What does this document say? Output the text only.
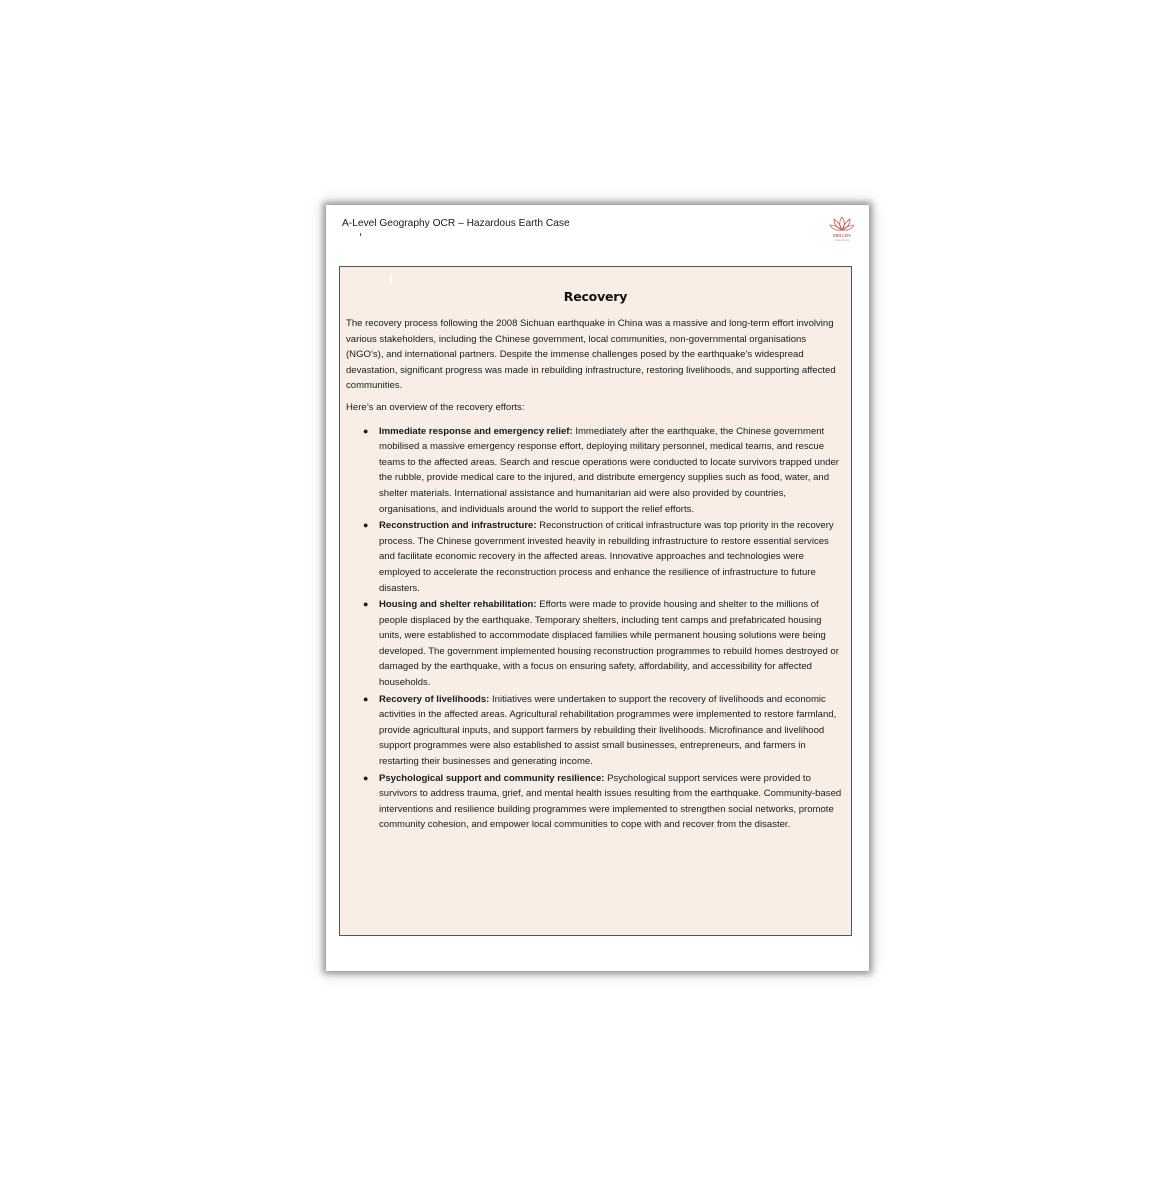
A-Level Geography OCR – Hazardous Earth Case
PHILLIPS
EDUCATION
Recovery

The recovery process following the 2008 Sichuan earthquake in China was a massive and long-term effort involving various stakeholders, including the Chinese government, local communities, non-governmental organisations (NGO’s), and international partners. Despite the immense challenges posed by the earthquake’s widespread devastation, significant progress was made in rebuilding infrastructure, restoring livelihoods, and supporting affected communities.

Here’s an overview of the recovery efforts:

● Immediate response and emergency relief: Immediately after the earthquake, the Chinese government mobilised a massive emergency response effort, deploying military personnel, medical teams, and rescue teams to the affected areas. Search and rescue operations were conducted to locate survivors trapped under the rubble, provide medical care to the injured, and distribute emergency supplies such as food, water, and shelter materials. International assistance and humanitarian aid were also provided by countries, organisations, and individuals around the world to support the relief efforts.
● Reconstruction and infrastructure: Reconstruction of critical infrastructure was top priority in the recovery process. The Chinese government invested heavily in rebuilding infrastructure to restore essential services and facilitate economic recovery in the affected areas. Innovative approaches and technologies were employed to accelerate the reconstruction process and enhance the resilience of infrastructure to future disasters.
● Housing and shelter rehabilitation: Efforts were made to provide housing and shelter to the millions of people displaced by the earthquake. Temporary shelters, including tent camps and prefabricated housing units, were established to accommodate displaced families while permanent housing solutions were being developed. The government implemented housing reconstruction programmes to rebuild homes destroyed or damaged by the earthquake, with a focus on ensuring safety, affordability, and accessibility for affected households.
● Recovery of livelihoods: Initiatives were undertaken to support the recovery of livelihoods and economic activities in the affected areas. Agricultural rehabilitation programmes were implemented to restore farmland, provide agricultural inputs, and support farmers by rebuilding their livelihoods. Microfinance and livelihood support programmes were also established to assist small businesses, entrepreneurs, and farmers in restarting their businesses and generating income.
● Psychological support and community resilience: Psychological support services were provided to survivors to address trauma, grief, and mental health issues resulting from the earthquake. Community-based interventions and resilience building programmes were implemented to strengthen social networks, promote community cohesion, and empower local communities to cope with and recover from the disaster.
